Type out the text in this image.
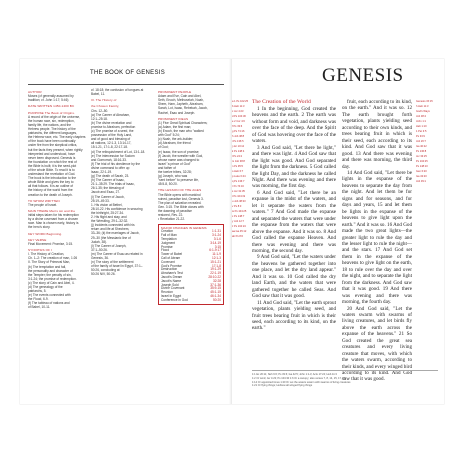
THE BOOK OF GENESIS
AUTHOR
Moses (cf generally assumed by
tradition; cf. John 1:17; 5:46)
DATE WRITTEN 1450-1400 BC
PURPOSE The Book of Origins.
A record of the origin of the universe,
the human race, sin, redemption,
family life, the nations, and the
Hebrew people. The history of the
patriarchs, the different languages,
the Hebrew race, etc. The early chapters
of the book have been continually
under fire from the skeptical critics,
but the facts they present, when rightly
interpreted and understood, have
never been disproved. Genesis is
the foundation on which the rest of
the Bible is built; it is the seed-plot
of the whole Bible. To read it is to
understand the revelation of God.
The book is the introduction to the
whole Bible and gives the key to
all that follows. It is an outline of
the history of the world from the
creation to the death of Joseph.
TO WHOM WRITTEN
The people of Israel.
MAIN THEME Man's sin and the
initial steps taken for his redemption
by a divine covenant from a chosen
race. Man is chosen early, history is
the hero's story.
KEY WORD Beginning.
KEY VERSE
Final Movement: Promise, 3:15.
SYNOPSIS OF I
I. The History of Creation,
Ch. 1–2: The creation of man, 1:26
II. The Story of Primeval Man,
(b) The temptation and fall,
the personality and character of
the Tempter; the penalty of sin,
3:1-24; the promise of redemption.
(c) The story of Cain and Abel, 4.
(d) The genealogy of the
patriarchs, 5.
(e) The events connected with
the Flood, 6-9.
(f) The tableau of nations and
of Babel, 10-11.
cf. 18:18; the confusion of tongues at
Babel, 11.
III. The History of
the Chosen Family,
Chs. 12–50.
(a) The Career of Abraham,
12:1–25:18.
(b) The divine revelation and
promise to Abraham, perfection
(c) The promise of a seed, the
possession of the Holy Land,
and of good and blessing of
all nations, 12:1-3, 13:14-17,
15:1-21, 17:1-8, 22:17-18.
(d) The relinquishment of Lot, 13:1-18.
(e) The intercession for Sodom
and Gomorrah, 18:16-33.
(f) The trial of his obedience by the
divine command to offer up
Isaac, 22:1-19.
(g) The death of Sarah, 23.
(h) The Career of Isaac,
21:1–35:29. The trials of Isaac,
26:1-35; the blessing of
Jacob and Esau, 27.
(i) The Career of Jacob,
25:19–49:33.
1. His vision at Bethel,
28:10-22. His confidence in securing
the birthright, 25:27-34.
2. His flight and stay, and
the Wrestling, 29:1–32:32.
(j) Incidents connected with his
return and life at Shechem,
33–36; (k) the marriages of Jacob,
29–30 (the Messianic line of
Judah, 38).
(l) The Career of Joseph,
37:1–50:26.
(m) The Career of Esau as related in
Genesis, 36.
(n) The story of the settlement
of the family of Israel in Egypt, 37:1–
50:26, concluding at
50:26 NIV, 50:26.
PROMINENT PEOPLE
Adam and Eve, Cain and Abel,
Seth, Enoch, Methuselah, Noah,
Shem, Ham, Japheth, Abraham,
Sarah, Lot, Isaac, Rebekah, Jacob,
Rachel, Esau and Joseph.
PROMINENT IDEAS
(1) Five Great Spiritual Characters;
(a) Adam, the first man;
(b) Enoch, the man who "walked
with God" 5:24;
(c) Noah, the ark-builder;
(d) Abraham, the friend
of God;
(e) Isaac, the son of promise;
(f) Jacob, the wrestler with God,
whose name was changed to
Israel "a prince of God"
and father of
the twelve tribes, 32:28;
(g) Joseph, who was
"sent before" to preserve life,
45:5-8, 50:20.
THE LESSON OF THE AGES
The Bible opens with mankind
ruined, paradise lost, Genesis 3.
The plan of salvation revealed.
Gen. 3:15. The Bible closes with
the dawning of paradise
restored, Rev. 22.
• Revelation 21-22.
MAJOR CHANGES IN GENESIS
Creation	1:1-31
Fall of Man	3:1-24
Temptation	3:1-6
Judgment	3:14-19
Promise	3:15
Flood	6:1-9:17
Tower of Babel	11:1-9
Call of Abram	12:1-3
Covenant	15:1-21
God's Promise	17:1-8
Destruction	19:1-29
Abraham's Test	22:1-19
Jacob's Dream	28:10-22
Jacob's Name	32:28
Joseph Sold	37:1-36
Divine Covenant	35:9-15
Reunion	45:1-15
Israel in Egypt	46:1-34
Conference in God	50:20
GENESIS
a 1 Ps 102:25
b Heb 11:3
c Jer 4:23
d Ps 104:30
e 2 Cor 4:6
f Ps 33:6
g Ps 74:16
h Job 38:8
i Ps 136:5
j Jer 10:12
k Ps 148:4
l Ps 24:2
m Job 38:8
n Ps 95:5
o Heb 6:7
p Luke 6:44
q Ps 136:7
r Ps 74:16
s Jer 31:35
t Ps 104:19
u Job 38:33
v Ps 8:3
w Ps 104:25
x Ps 148:7
y Job 12:7
z Ps 104:24
aa Isa 45:12
ab Ps 8:6
The Creation of the World

1 In the beginning, God created the heavens and the earth. 2 The earth was without form and void, and darkness was over the face of the deep. And the Spirit of God was hovering over the face of the waters.

3 And God said, "Let there be light," and there was light. 4 And God saw that the light was good. And God separated the light from the darkness. 5 God called the light Day, and the darkness he called Night. And there was evening and there was morning, the first day.

6 And God said, "Let there be an expanse in the midst of the waters, and let it separate the waters from the waters." 7 And God made the expanse and separated the waters that were under the expanse from the waters that were above the expanse. And it was so. 8 And God called the expanse Heaven. And there was evening and there was morning, the second day.

9 And God said, "Let the waters under the heavens be gathered together into one place, and let the dry land appear." And it was so. 10 God called the dry land Earth, and the waters that were gathered together he called Seas. And God saw that it was good.

11 And God said, "Let the earth sprout vegetation, plants yielding seed, and fruit trees bearing fruit in which is their seed, each according to its kind, on the earth."

fruit, each according to its kind, on the earth." And it was so. 12 The earth brought forth vegetation, plants yielding seed according to their own kinds, and trees bearing fruit in which is their seed, each according to its kind. And God saw that it was good. 13 And there was evening and there was morning, the third day.

14 And God said, "Let there be lights in the expanse of the heavens to separate the day from the night. And let them be for signs and for seasons, and for days and years, 15 and let them be lights in the expanse of the heavens to give light upon the earth." And it was so. 16 And God made the two great lights—the greater light to rule the day and the lesser light to rule the night—and the stars. 17 And God set them in the expanse of the heavens to give light on the earth, 18 to rule over the day and over the night, and to separate the light from the darkness. And God saw that it was good. 19 And there was evening and there was morning, the fourth day.

20 And God said, "Let the waters swarm with swarms of living creatures, and let birds fly above the earth across the expanse of the heavens." 21 So God created the great sea creatures and every living creature that moves, with which the waters swarm, according to their kinds, and every winged bird according to its kind. And God saw that it was good.

Genesis 15:15
h Heb 11:3
God's Ways
Job 38:4
John 1:1
Heb 1:10
1 Pet 3:5
Ps 33:9
Job 26:7
Isa 40:22
Ps 136:8
Jer 33:25
Ps 104:25
Ps 148:10
Gen 6:20
Isa 43:20
Job 39:1
1:1 Ex 20:11; Neh 9:6; Ps 33:6; Isa 42:5; John 1:1-3; Acts 17:24; Heb 11:3
1:2 Or wind; Jer 4:23; Ps 104:30 1:6 Or a canopy; also verses 7, 8, 14, 15, 17, 20
1:14 Or appointed times 1:20 Or Let the waters swarm with swarms of living creatures
1:21 Or flying things; Hebrew all winged flying things
